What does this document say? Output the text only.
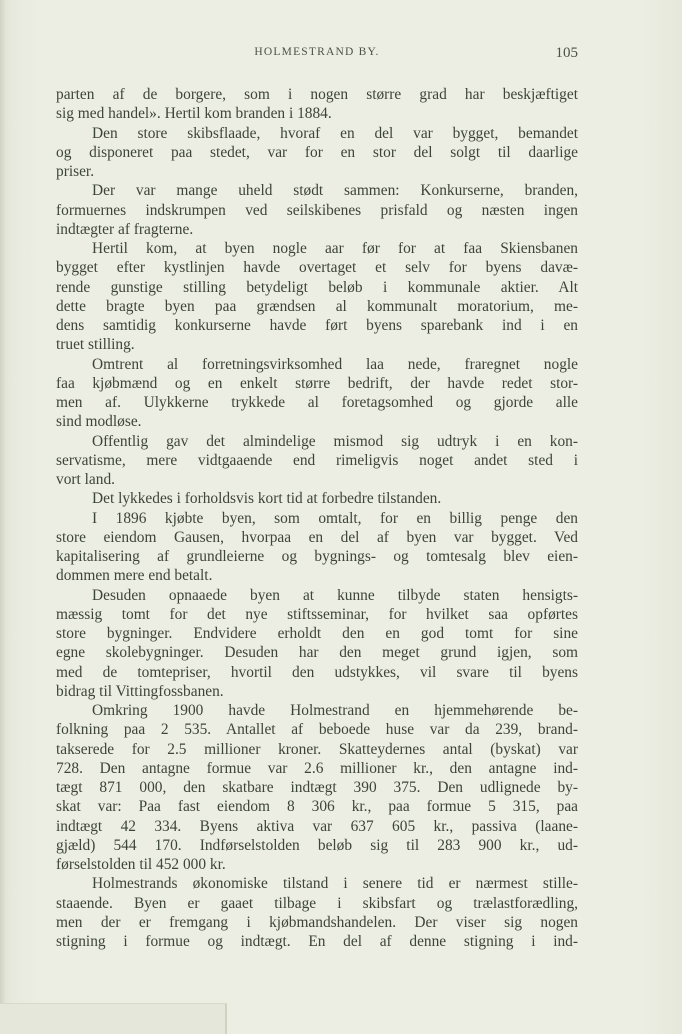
HOLMESTRAND BY.	105
parten af de borgere, som i nogen større grad har beskjæftiget
sig med handel». Hertil kom branden i 1884.
Den store skibsflaade, hvoraf en del var bygget, bemandet
og disponeret paa stedet, var for en stor del solgt til daarlige
priser.
Der var mange uheld stødt sammen: Konkurserne, branden,
formuernes indskrumpen ved seilskibenes prisfald og næsten ingen
indtægter af fragterne.
Hertil kom, at byen nogle aar før for at faa Skiensbanen
bygget efter kystlinjen havde overtaget et selv for byens davæ-
rende gunstige stilling betydeligt beløb i kommunale aktier. Alt
dette bragte byen paa grændsen al kommunalt moratorium, me-
dens samtidig konkurserne havde ført byens sparebank ind i en
truet stilling.
Omtrent al forretningsvirksomhed laa nede, fraregnet nogle
faa kjøbmænd og en enkelt større bedrift, der havde redet stor-
men af. Ulykkerne trykkede al foretagsomhed og gjorde alle
sind modløse.
Offentlig gav det almindelige mismod sig udtryk i en kon-
servatisme, mere vidtgaaende end rimeligvis noget andet sted i
vort land.
Det lykkedes i forholdsvis kort tid at forbedre tilstanden.
I 1896 kjøbte byen, som omtalt, for en billig penge den
store eiendom Gausen, hvorpaa en del af byen var bygget. Ved
kapitalisering af grundleierne og bygnings- og tomtesalg blev eien-
dommen mere end betalt.
Desuden opnaaede byen at kunne tilbyde staten hensigts-
mæssig tomt for det nye stiftsseminar, for hvilket saa opførtes
store bygninger. Endvidere erholdt den en god tomt for sine
egne skolebygninger. Desuden har den meget grund igjen, som
med de tomtepriser, hvortil den udstykkes, vil svare til byens
bidrag til Vittingfossbanen.
Omkring 1900 havde Holmestrand en hjemmehørende be-
folkning paa 2 535. Antallet af beboede huse var da 239, brand-
takserede for 2.5 millioner kroner. Skatteydernes antal (byskat) var
728. Den antagne formue var 2.6 millioner kr., den antagne ind-
tægt 871 000, den skatbare indtægt 390 375. Den udlignede by-
skat var: Paa fast eiendom 8 306 kr., paa formue 5 315, paa
indtægt 42 334. Byens aktiva var 637 605 kr., passiva (laane-
gjæld) 544 170. Indførselstolden beløb sig til 283 900 kr., ud-
førselstolden til 452 000 kr.
Holmestrands økonomiske tilstand i senere tid er nærmest stille-
staaende. Byen er gaaet tilbage i skibsfart og trælastforædling,
men der er fremgang i kjøbmandshandelen. Der viser sig nogen
stigning i formue og indtægt. En del af denne stigning i ind-
